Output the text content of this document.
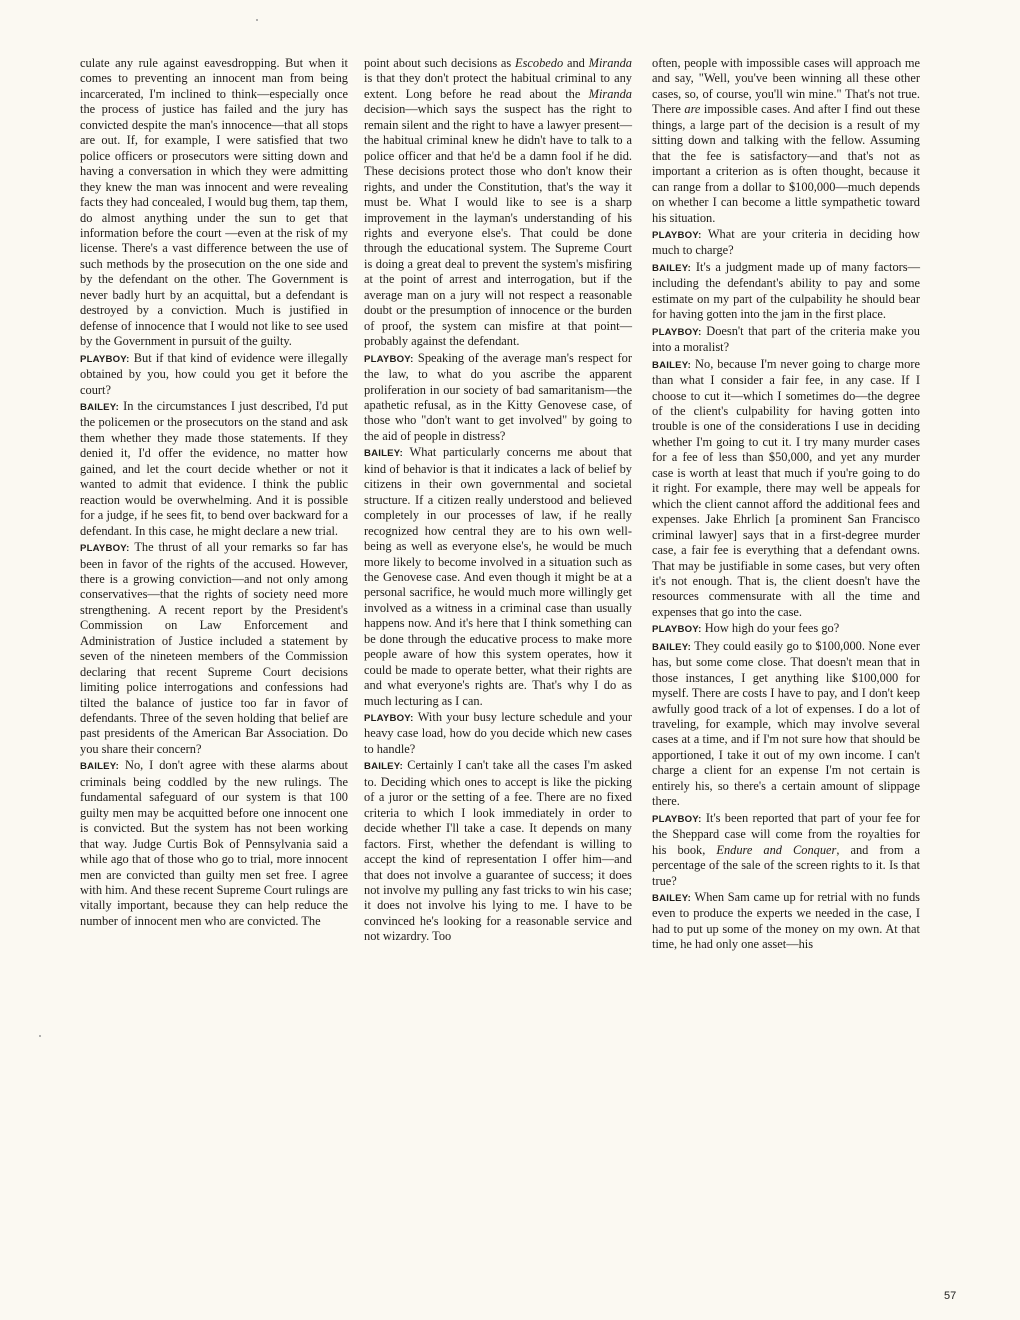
culate any rule against eavesdropping. But when it comes to preventing an innocent man from being incarcerated, I'm inclined to think—especially once the process of justice has failed and the jury has convicted despite the man's innocence—that all stops are out. If, for example, I were satisfied that two police officers or prosecutors were sitting down and having a conversation in which they were admitting they knew the man was innocent and were revealing facts they had concealed, I would bug them, tap them, do almost anything under the sun to get that information before the court —even at the risk of my license. There's a vast difference between the use of such methods by the prosecution on the one side and by the defendant on the other. The Government is never badly hurt by an acquittal, but a defendant is destroyed by a conviction. Much is justified in defense of innocence that I would not like to see used by the Government in pursuit of the guilty.

PLAYBOY: But if that kind of evidence were illegally obtained by you, how could you get it before the court?

BAILEY: In the circumstances I just described, I'd put the policemen or the prosecutors on the stand and ask them whether they made those statements. If they denied it, I'd offer the evidence, no matter how gained, and let the court decide whether or not it wanted to admit that evidence. I think the public reaction would be overwhelming. And it is possible for a judge, if he sees fit, to bend over backward for a defendant. In this case, he might declare a new trial.

PLAYBOY: The thrust of all your remarks so far has been in favor of the rights of the accused. However, there is a growing conviction—and not only among conservatives—that the rights of society need more strengthening. A recent report by the President's Commission on Law Enforcement and Administration of Justice included a statement by seven of the nineteen members of the Commission declaring that recent Supreme Court decisions limiting police interrogations and confessions had tilted the balance of justice too far in favor of defendants. Three of the seven holding that belief are past presidents of the American Bar Association. Do you share their concern?

BAILEY: No, I don't agree with these alarms about criminals being coddled by the new rulings. The fundamental safeguard of our system is that 100 guilty men may be acquitted before one innocent one is convicted. But the system has not been working that way. Judge Curtis Bok of Pennsylvania said a while ago that of those who go to trial, more innocent men are convicted than guilty men set free. I agree with him. And these recent Supreme Court rulings are vitally important, because they can help reduce the number of innocent men who are convicted. The

point about such decisions as Escobedo and Miranda is that they don't protect the habitual criminal to any extent. Long before he read about the Miranda decision—which says the suspect has the right to remain silent and the right to have a lawyer present—the habitual criminal knew he didn't have to talk to a police officer and that he'd be a damn fool if he did. These decisions protect those who don't know their rights, and under the Constitution, that's the way it must be. What I would like to see is a sharp improvement in the layman's understanding of his rights and everyone else's. That could be done through the educational system. The Supreme Court is doing a great deal to prevent the system's misfiring at the point of arrest and interrogation, but if the average man on a jury will not respect a reasonable doubt or the presumption of innocence or the burden of proof, the system can misfire at that point—probably against the defendant.

PLAYBOY: Speaking of the average man's respect for the law, to what do you ascribe the apparent proliferation in our society of bad samaritanism—the apathetic refusal, as in the Kitty Genovese case, of those who "don't want to get involved" by going to the aid of people in distress?

BAILEY: What particularly concerns me about that kind of behavior is that it indicates a lack of belief by citizens in their own governmental and societal structure. If a citizen really understood and believed completely in our processes of law, if he really recognized how central they are to his own well-being as well as everyone else's, he would be much more likely to become involved in a situation such as the Genovese case. And even though it might be at a personal sacrifice, he would much more willingly get involved as a witness in a criminal case than usually happens now. And it's here that I think something can be done through the educative process to make more people aware of how this system operates, how it could be made to operate better, what their rights are and what everyone's rights are. That's why I do as much lecturing as I can.

PLAYBOY: With your busy lecture schedule and your heavy case load, how do you decide which new cases to handle?

BAILEY: Certainly I can't take all the cases I'm asked to. Deciding which ones to accept is like the picking of a juror or the setting of a fee. There are no fixed criteria to which I look immediately in order to decide whether I'll take a case. It depends on many factors. First, whether the defendant is willing to accept the kind of representation I offer him—and that does not involve a guarantee of success; it does not involve my pulling any fast tricks to win his case; it does not involve his lying to me. I have to be convinced he's looking for a reasonable service and not wizardry. Too

often, people with impossible cases will approach me and say, "Well, you've been winning all these other cases, so, of course, you'll win mine." That's not true. There are impossible cases. And after I find out these things, a large part of the decision is a result of my sitting down and talking with the fellow. Assuming that the fee is satisfactory—and that's not as important a criterion as is often thought, because it can range from a dollar to $100,000—much depends on whether I can become a little sympathetic toward his situation.

PLAYBOY: What are your criteria in deciding how much to charge?

BAILEY: It's a judgment made up of many factors—including the defendant's ability to pay and some estimate on my part of the culpability he should bear for having gotten into the jam in the first place.

PLAYBOY: Doesn't that part of the criteria make you into a moralist?

BAILEY: No, because I'm never going to charge more than what I consider a fair fee, in any case. If I choose to cut it—which I sometimes do—the degree of the client's culpability for having gotten into trouble is one of the considerations I use in deciding whether I'm going to cut it. I try many murder cases for a fee of less than $50,000, and yet any murder case is worth at least that much if you're going to do it right. For example, there may well be appeals for which the client cannot afford the additional fees and expenses. Jake Ehrlich [a prominent San Francisco criminal lawyer] says that in a first-degree murder case, a fair fee is everything that a defendant owns. That may be justifiable in some cases, but very often it's not enough. That is, the client doesn't have the resources commensurate with all the time and expenses that go into the case.

PLAYBOY: How high do your fees go?

BAILEY: They could easily go to $100,000. None ever has, but some come close. That doesn't mean that in those instances, I get anything like $100,000 for myself. There are costs I have to pay, and I don't keep awfully good track of a lot of expenses. I do a lot of traveling, for example, which may involve several cases at a time, and if I'm not sure how that should be apportioned, I take it out of my own income. I can't charge a client for an expense I'm not certain is entirely his, so there's a certain amount of slippage there.

PLAYBOY: It's been reported that part of your fee for the Sheppard case will come from the royalties for his book, Endure and Conquer, and from a percentage of the sale of the screen rights to it. Is that true?

BAILEY: When Sam came up for retrial with no funds even to produce the experts we needed in the case, I had to put up some of the money on my own. At that time, he had only one asset—his

57
